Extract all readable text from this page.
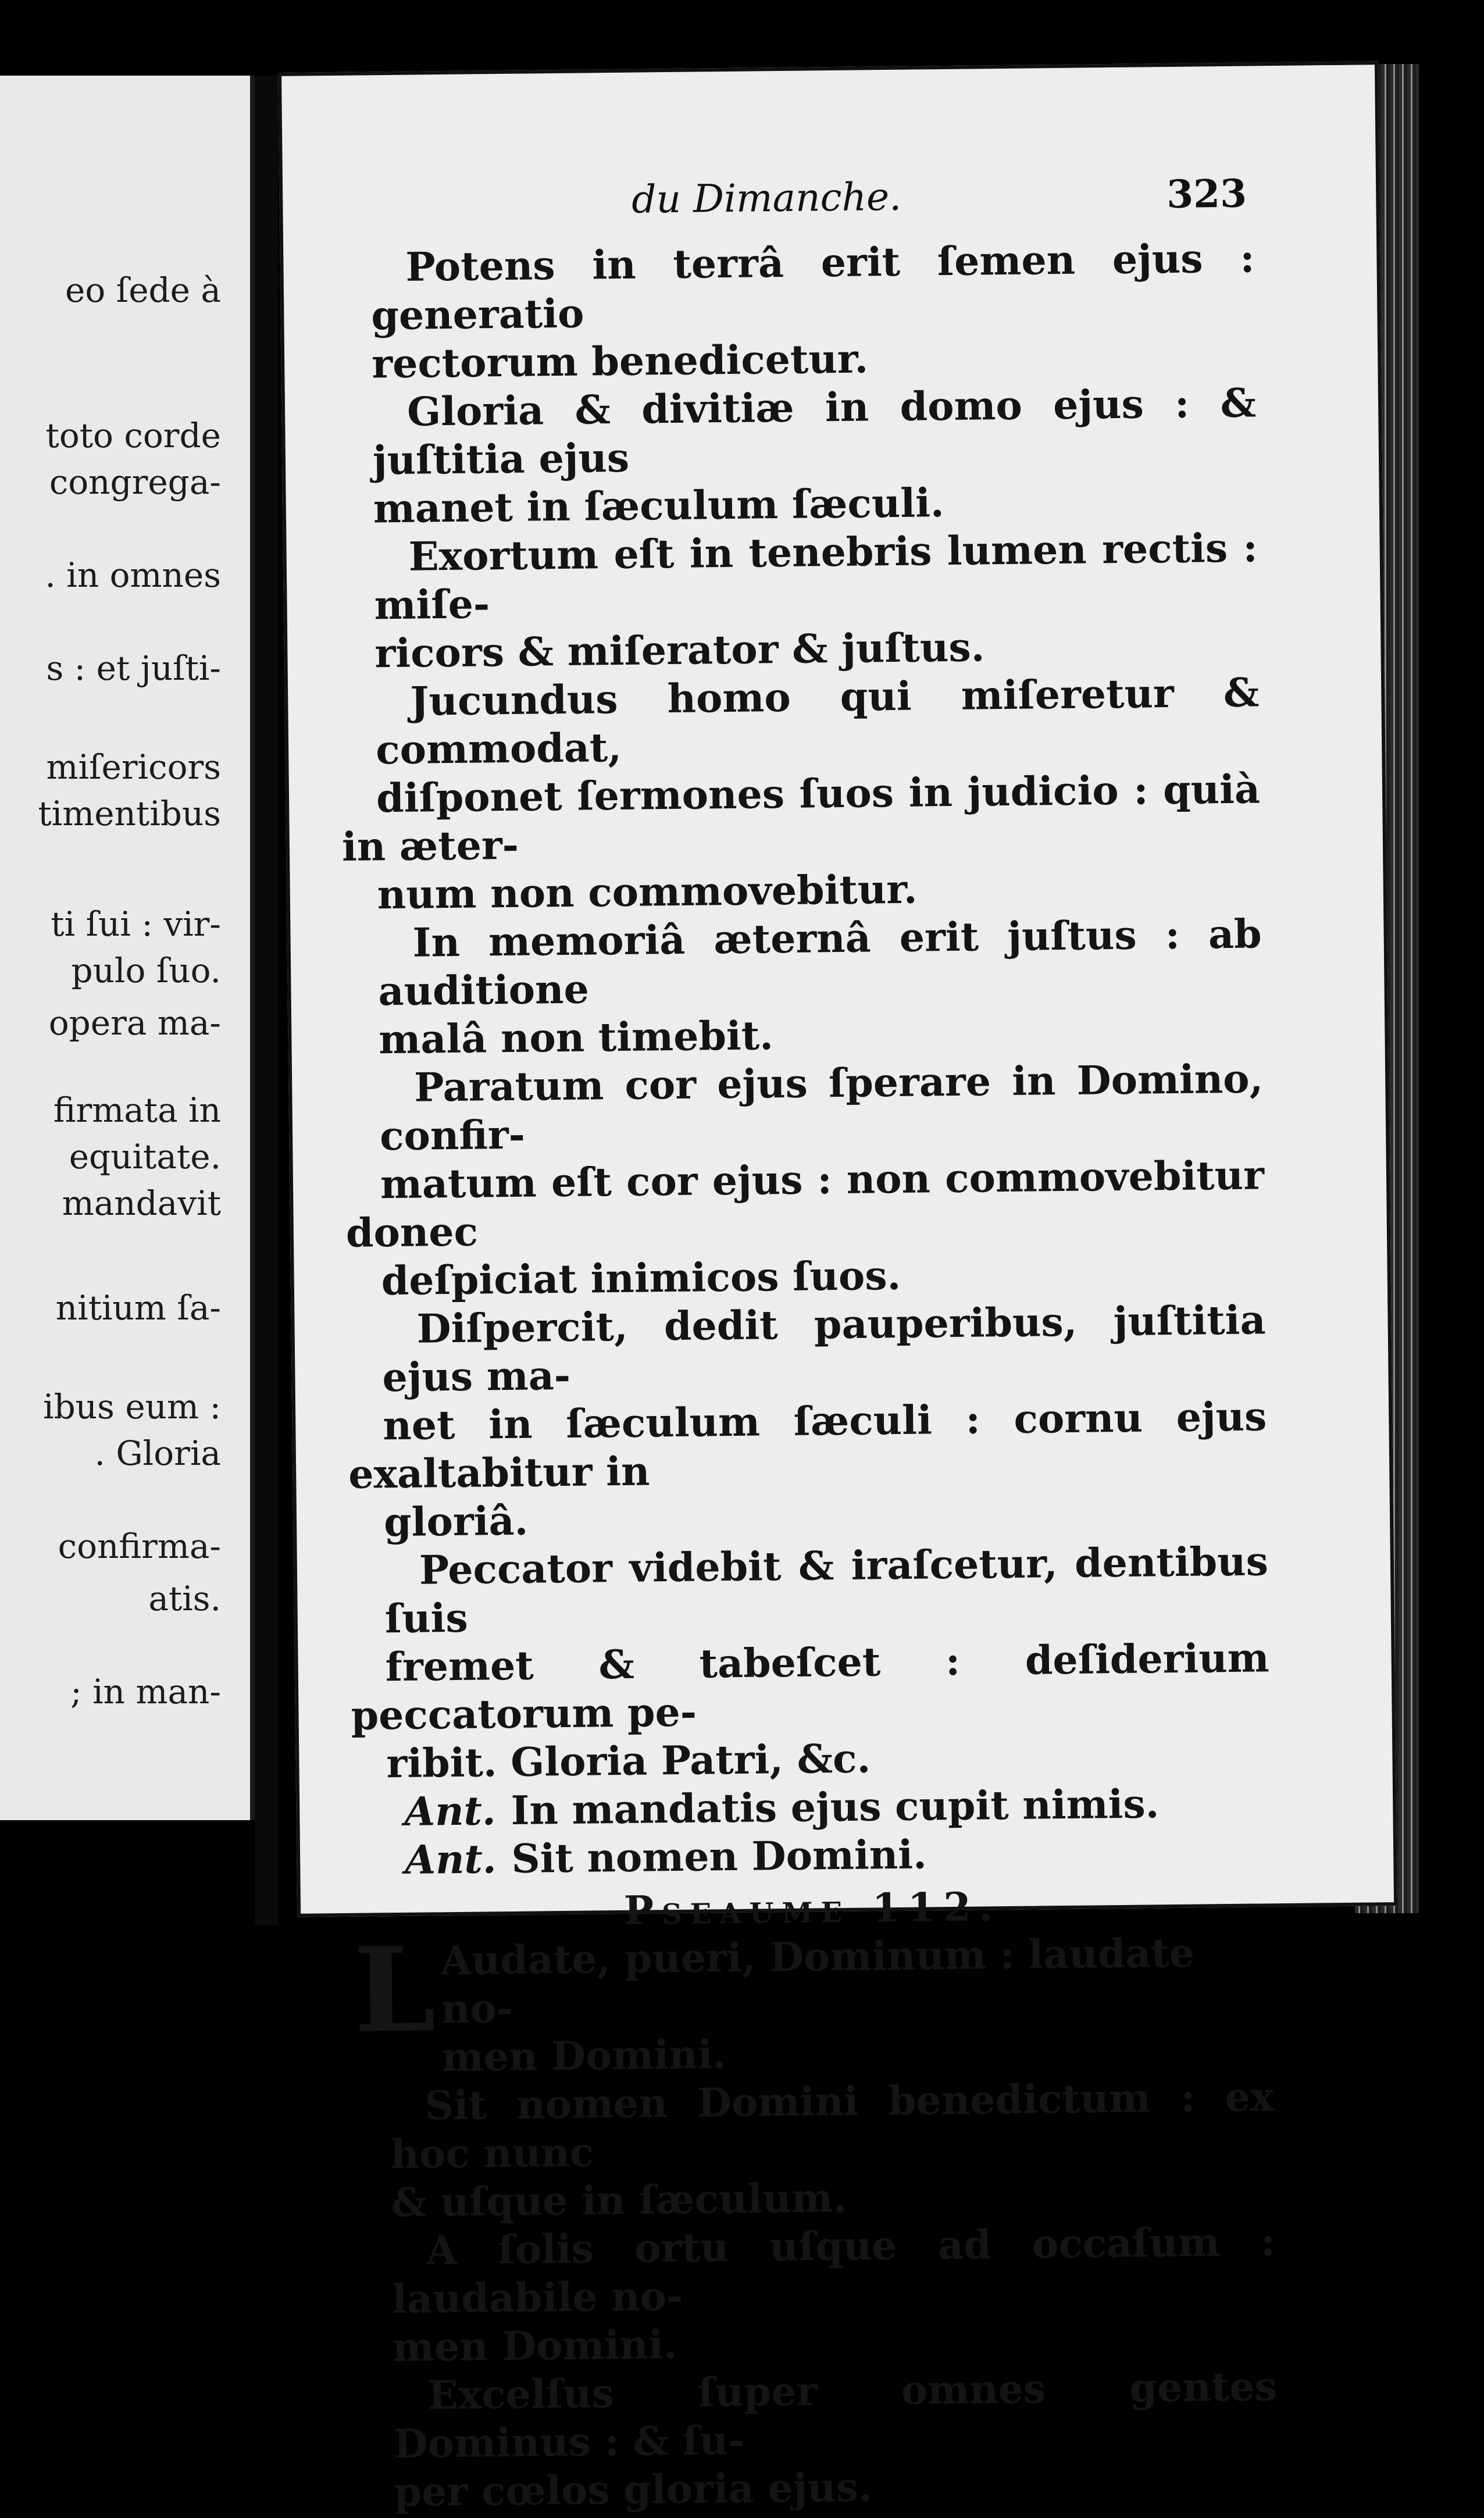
eo ſede à
toto corde
congrega-
. in omnes
s : et juſti-
miſericors
timentibus
ti ſui : vir-
pulo ſuo.
opera ma-
firmata in
equitate.
mandavit
nitium ſa-
ibus eum :
. Gloria
confirma-
atis.
; in man-
du Dimanche.	323
Potens in terrâ erit ſemen ejus : generatio
rectorum benedicetur.
Gloria & divitiæ in domo ejus : & juſtitia ejus
manet in ſæculum ſæculi.
Exortum eſt in tenebris lumen rectis : miſe-
ricors & miſerator & juſtus.
Jucundus homo qui miſeretur & commodat,
diſponet ſermones ſuos in judicio : quià in æter-
num non commovebitur.
In memoriâ æternâ erit juſtus : ab auditione
malâ non timebit.
Paratum cor ejus ſperare in Domino, confir-
matum eſt cor ejus : non commovebitur donec
deſpiciat inimicos ſuos.
Diſpercit, dedit pauperibus, juſtitia ejus ma-
net in ſæculum ſæculi : cornu ejus exaltabitur in
gloriâ.
Peccator videbit & iraſcetur, dentibus ſuis
fremet & tabeſcet : deſiderium peccatorum pe-
ribit. Gloria Patri, &c.
Ant. In mandatis ejus cupit nimis.
Ant. Sit nomen Domini.
Pseaume 112.
L Audate, pueri, Dominum : laudate no-
men Domini.
Sit nomen Domini benedictum : ex hoc nunc
& uſque in ſæculum.
A ſolis ortu uſque ad occaſum : laudabile no-
men Domini.
Excelſus ſuper omnes gentes Dominus : & ſu-
per cœlos gloria ejus.
